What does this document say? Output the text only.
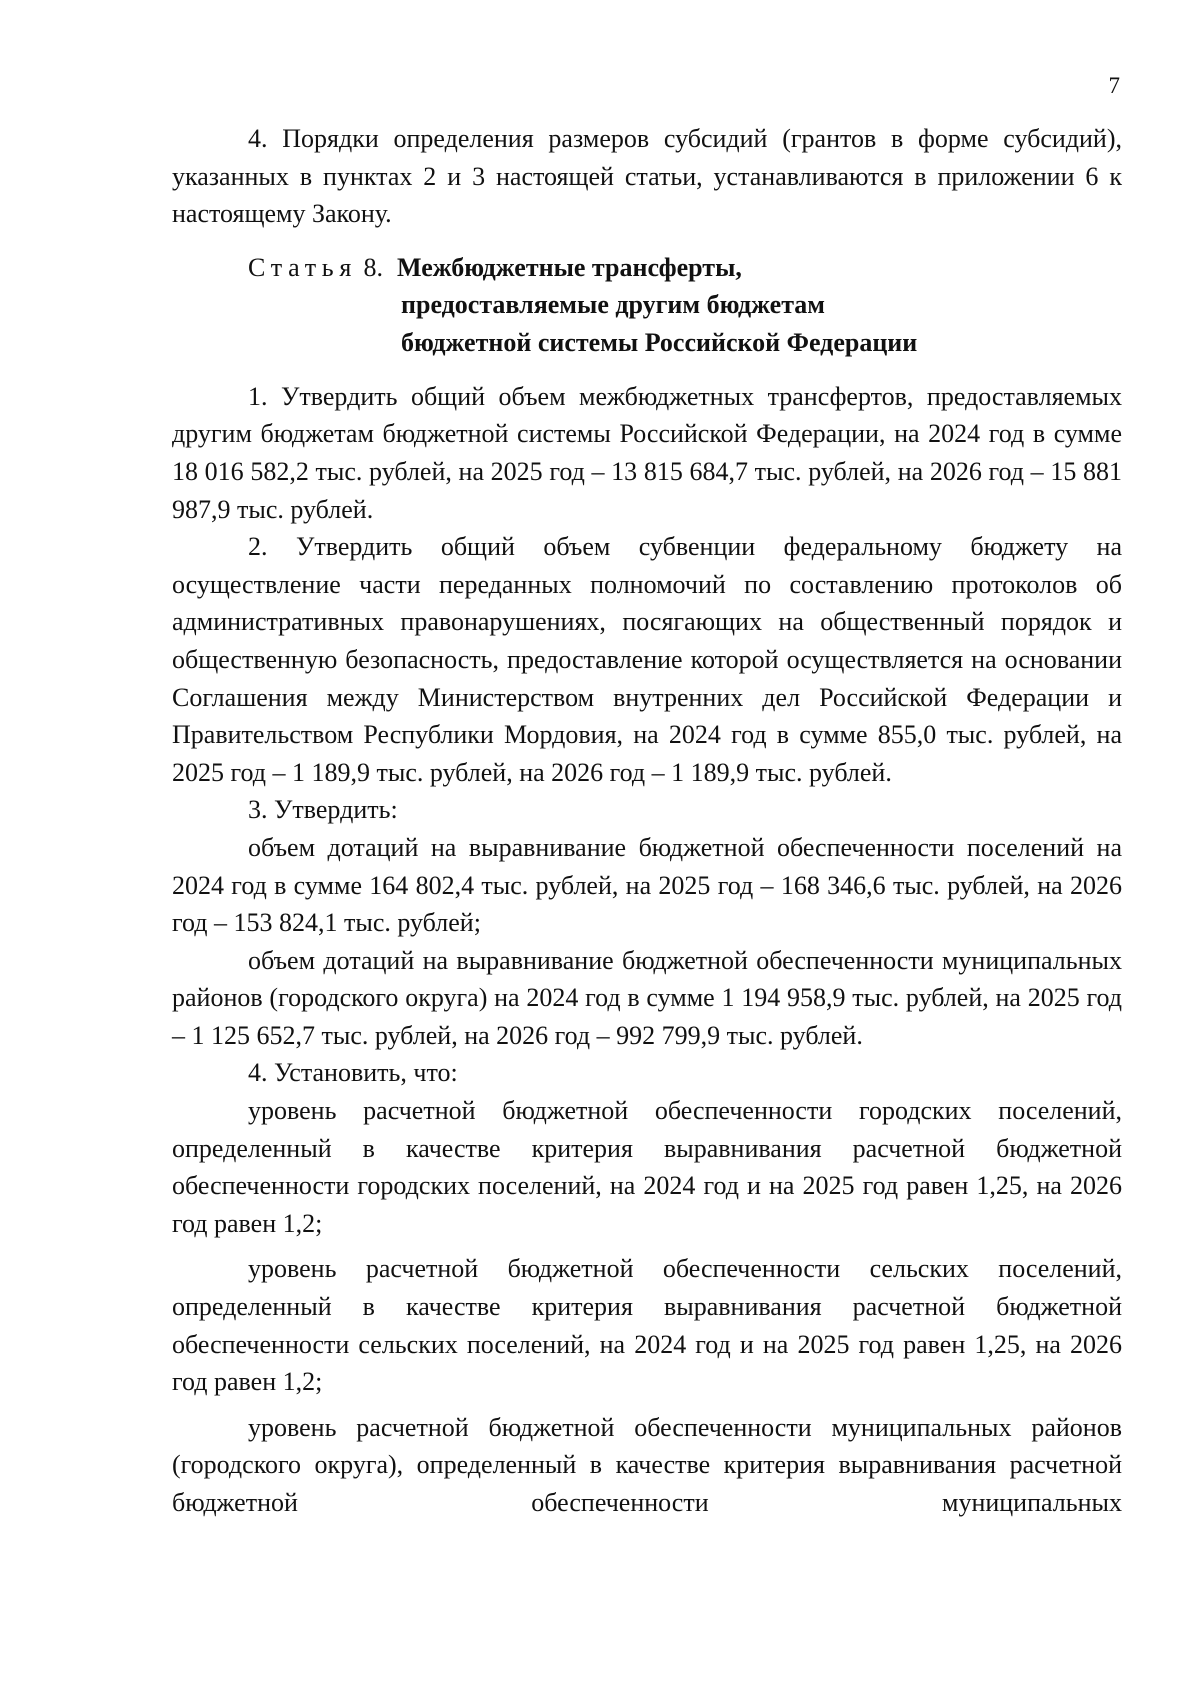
7

4. Порядки определения размеров субсидий (грантов в форме субсидий), указанных в пунктах 2 и 3 настоящей статьи, устанавливаются в приложении 6 к настоящему Закону.

Статья 8. Межбюджетные трансферты,
предоставляемые другим бюджетам
бюджетной системы Российской Федерации

1. Утвердить общий объем межбюджетных трансфертов, предоставляемых другим бюджетам бюджетной системы Российской Федерации, на 2024 год в сумме 18 016 582,2 тыс. рублей, на 2025 год – 13 815 684,7 тыс. рублей, на 2026 год – 15 881 987,9 тыс. рублей.

2. Утвердить общий объем субвенции федеральному бюджету на осуществление части переданных полномочий по составлению протоколов об административных правонарушениях, посягающих на общественный порядок и общественную безопасность, предоставление которой осуществляется на основании Соглашения между Министерством внутренних дел Российской Федерации и Правительством Республики Мордовия, на 2024 год в сумме 855,0 тыс. рублей, на 2025 год – 1 189,9 тыс. рублей, на 2026 год – 1 189,9 тыс. рублей.

3. Утвердить:

объем дотаций на выравнивание бюджетной обеспеченности поселений на 2024 год в сумме 164 802,4 тыс. рублей, на 2025 год – 168 346,6 тыс. рублей, на 2026 год – 153 824,1 тыс. рублей;

объем дотаций на выравнивание бюджетной обеспеченности муниципальных районов (городского округа) на 2024 год в сумме 1 194 958,9 тыс. рублей, на 2025 год – 1 125 652,7 тыс. рублей, на 2026 год – 992 799,9 тыс. рублей.

4. Установить, что:

уровень расчетной бюджетной обеспеченности городских поселений, определенный в качестве критерия выравнивания расчетной бюджетной обеспеченности городских поселений, на 2024 год и на 2025 год равен 1,25, на 2026 год равен 1,2;

уровень расчетной бюджетной обеспеченности сельских поселений, определенный в качестве критерия выравнивания расчетной бюджетной обеспеченности сельских поселений, на 2024 год и на 2025 год равен 1,25, на 2026 год равен 1,2;

уровень расчетной бюджетной обеспеченности муниципальных районов (городского округа), определенный в качестве критерия выравнивания расчетной бюджетной обеспеченности муниципальных
